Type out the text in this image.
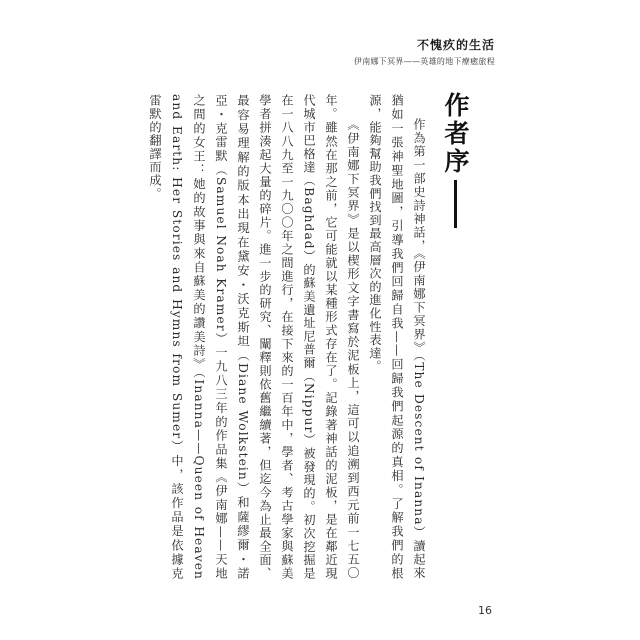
不愧疚的生活
伊南娜下冥界——英雄的地下療癒旅程
作者序

作為第一部史詩神話，《伊南娜下冥界》（The Descent of Inanna）讀起來猶如一張神聖地圖，引導我們回歸自我——回歸我們起源的真相。了解我們的根源，能夠幫助我們找到最高層次的進化性表達。

《伊南娜下冥界》是以楔形文字書寫於泥板上，這可以追溯到西元前一七五〇年。雖然在那之前，它可能就以某種形式存在了。記錄著神話的泥板，是在鄰近現代城市巴格達（Baghdad）的蘇美遺址尼普爾（Nippur）被發現的。初次挖掘是在一八八九至一九〇〇年之間進行，在接下來的一百年中，學者、考古學家與蘇美學者拼湊起大量的碎片。進一步的研究、闡釋則依舊繼續著，但迄今為止最全面、最容易理解的版本出現在黛安・沃克斯坦（Diane Wolkstein）和薩繆爾・諾亞・克雷默（Samuel Noah Kramer）一九八三年的作品集《伊南娜——天地之間的女王：她的故事與來自蘇美的讚美詩》（Inanna——Queen of Heaven and Earth: Her Stories and Hymns from Sumer）中，該作品是依據克雷默的翻譯而成。

16
